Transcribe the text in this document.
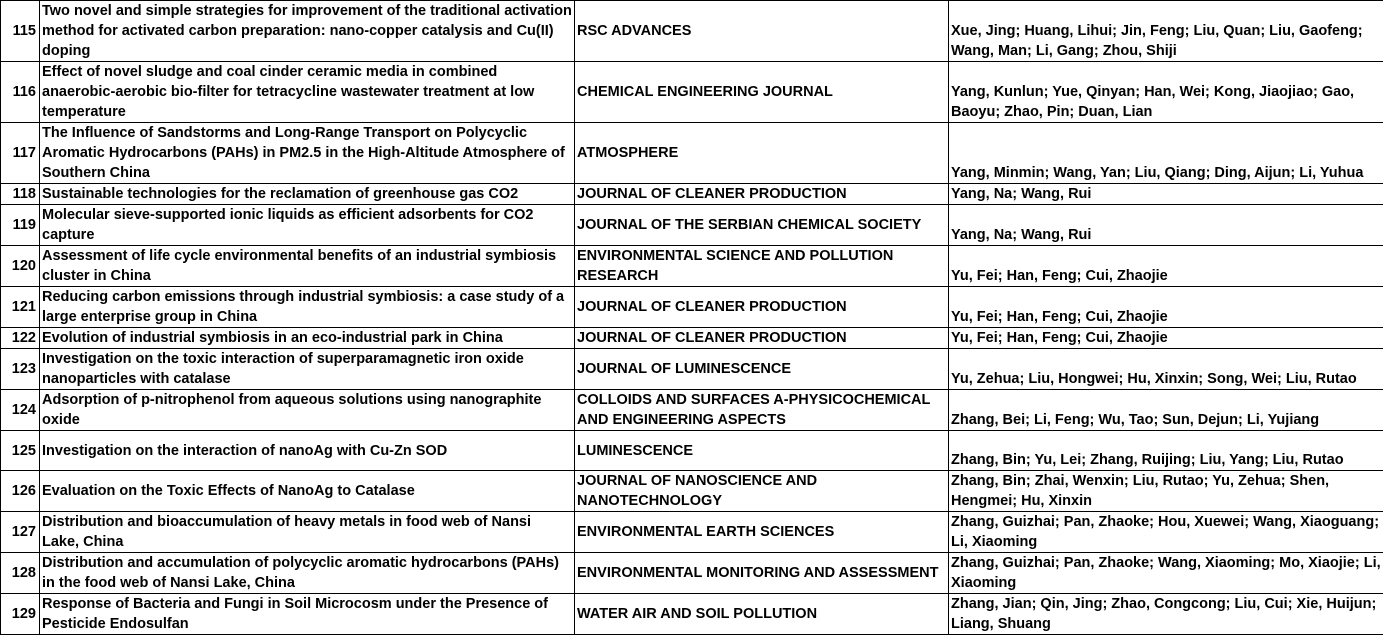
115	Two novel and simple strategies for improvement of the traditional activation method for activated carbon preparation: nano-copper catalysis and Cu(II) doping	RSC ADVANCES	Xue, Jing; Huang, Lihui; Jin, Feng; Liu, Quan; Liu, Gaofeng; Wang, Man; Li, Gang; Zhou, Shiji
116	Effect of novel sludge and coal cinder ceramic media in combined anaerobic-aerobic bio-filter for tetracycline wastewater treatment at low temperature	CHEMICAL ENGINEERING JOURNAL	Yang, Kunlun; Yue, Qinyan; Han, Wei; Kong, Jiaojiao; Gao, Baoyu; Zhao, Pin; Duan, Lian
117	The Influence of Sandstorms and Long-Range Transport on Polycyclic Aromatic Hydrocarbons (PAHs) in PM2.5 in the High-Altitude Atmosphere of Southern China	ATMOSPHERE	Yang, Minmin; Wang, Yan; Liu, Qiang; Ding, Aijun; Li, Yuhua
118	Sustainable technologies for the reclamation of greenhouse gas CO2	JOURNAL OF CLEANER PRODUCTION	Yang, Na; Wang, Rui
119	Molecular sieve-supported ionic liquids as efficient adsorbents for CO2 capture	JOURNAL OF THE SERBIAN CHEMICAL SOCIETY	Yang, Na; Wang, Rui
120	Assessment of life cycle environmental benefits of an industrial symbiosis cluster in China	ENVIRONMENTAL SCIENCE AND POLLUTION RESEARCH	Yu, Fei; Han, Feng; Cui, Zhaojie
121	Reducing carbon emissions through industrial symbiosis: a case study of a large enterprise group in China	JOURNAL OF CLEANER PRODUCTION	Yu, Fei; Han, Feng; Cui, Zhaojie
122	Evolution of industrial symbiosis in an eco-industrial park in China	JOURNAL OF CLEANER PRODUCTION	Yu, Fei; Han, Feng; Cui, Zhaojie
123	Investigation on the toxic interaction of superparamagnetic iron oxide nanoparticles with catalase	JOURNAL OF LUMINESCENCE	Yu, Zehua; Liu, Hongwei; Hu, Xinxin; Song, Wei; Liu, Rutao
124	Adsorption of p-nitrophenol from aqueous solutions using nanographite oxide	COLLOIDS AND SURFACES A-PHYSICOCHEMICAL AND ENGINEERING ASPECTS	Zhang, Bei; Li, Feng; Wu, Tao; Sun, Dejun; Li, Yujiang
125	Investigation on the interaction of nanoAg with Cu-Zn SOD	LUMINESCENCE	Zhang, Bin; Yu, Lei; Zhang, Ruijing; Liu, Yang; Liu, Rutao
126	Evaluation on the Toxic Effects of NanoAg to Catalase	JOURNAL OF NANOSCIENCE AND NANOTECHNOLOGY	Zhang, Bin; Zhai, Wenxin; Liu, Rutao; Yu, Zehua; Shen, Hengmei; Hu, Xinxin
127	Distribution and bioaccumulation of heavy metals in food web of Nansi Lake, China	ENVIRONMENTAL EARTH SCIENCES	Zhang, Guizhai; Pan, Zhaoke; Hou, Xuewei; Wang, Xiaoguang; Li, Xiaoming
128	Distribution and accumulation of polycyclic aromatic hydrocarbons (PAHs) in the food web of Nansi Lake, China	ENVIRONMENTAL MONITORING AND ASSESSMENT	Zhang, Guizhai; Pan, Zhaoke; Wang, Xiaoming; Mo, Xiaojie; Li, Xiaoming
129	Response of Bacteria and Fungi in Soil Microcosm under the Presence of Pesticide Endosulfan	WATER AIR AND SOIL POLLUTION	Zhang, Jian; Qin, Jing; Zhao, Congcong; Liu, Cui; Xie, Huijun; Liang, Shuang
